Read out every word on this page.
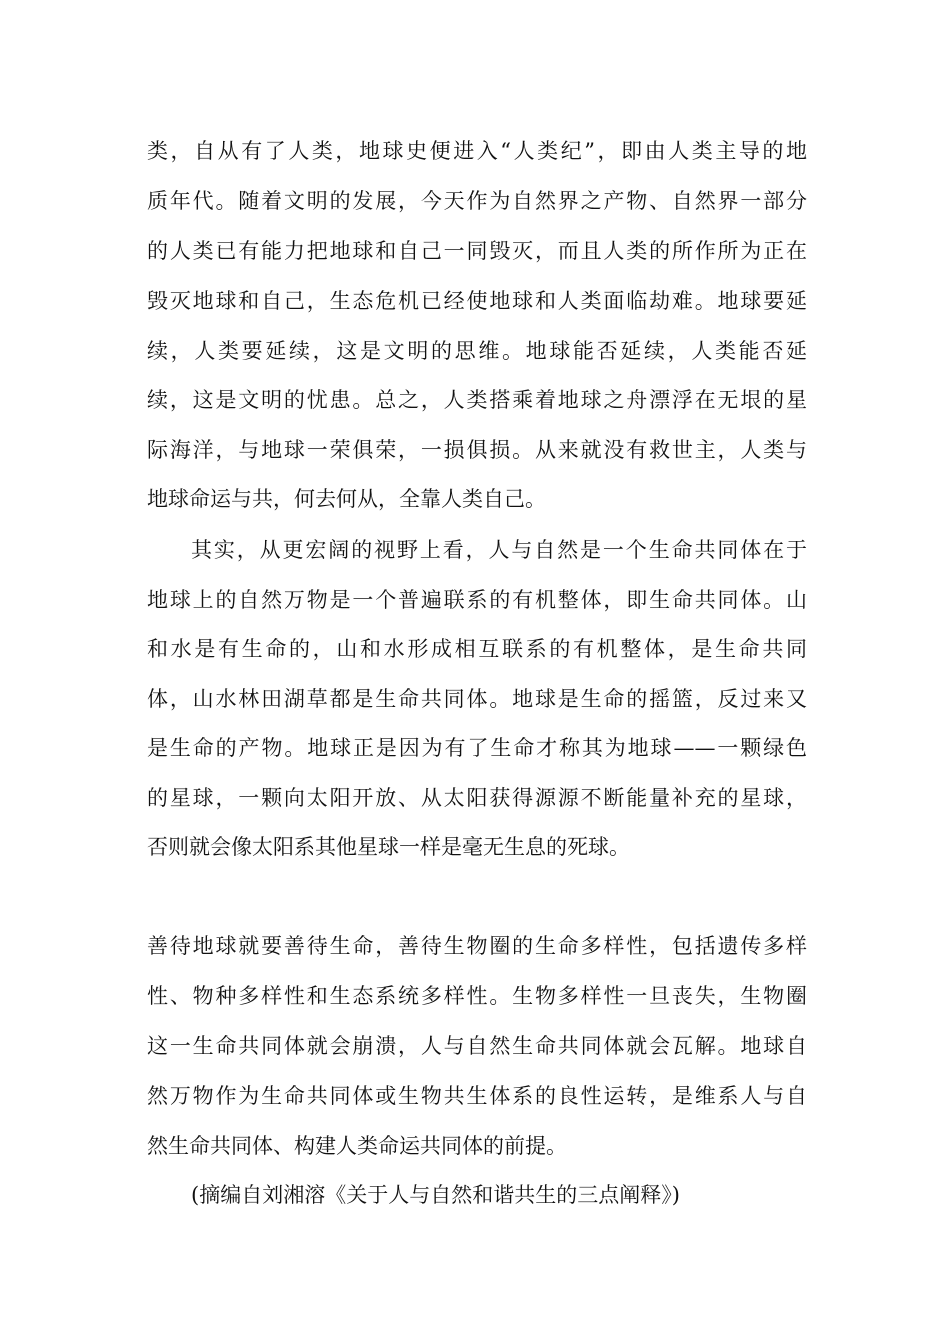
类，自从有了人类，地球史便进入“人类纪”，即由人类主导的地
质年代。随着文明的发展，今天作为自然界之产物、自然界一部分
的人类已有能力把地球和自己一同毁灭，而且人类的所作所为正在
毁灭地球和自己，生态危机已经使地球和人类面临劫难。地球要延
续，人类要延续，这是文明的思维。地球能否延续，人类能否延
续，这是文明的忧患。总之，人类搭乘着地球之舟漂浮在无垠的星
际海洋，与地球一荣俱荣，一损俱损。从来就没有救世主，人类与
地球命运与共，何去何从，全靠人类自己。
其实，从更宏阔的视野上看，人与自然是一个生命共同体在于
地球上的自然万物是一个普遍联系的有机整体，即生命共同体。山
和水是有生命的，山和水形成相互联系的有机整体，是生命共同
体，山水林田湖草都是生命共同体。地球是生命的摇篮，反过来又
是生命的产物。地球正是因为有了生命才称其为地球——一颗绿色
的星球，一颗向太阳开放、从太阳获得源源不断能量补充的星球，
否则就会像太阳系其他星球一样是毫无生息的死球。
善待地球就要善待生命，善待生物圈的生命多样性，包括遗传多样
性、物种多样性和生态系统多样性。生物多样性一旦丧失，生物圈
这一生命共同体就会崩溃，人与自然生命共同体就会瓦解。地球自
然万物作为生命共同体或生物共生体系的良性运转，是维系人与自
然生命共同体、构建人类命运共同体的前提。
(摘编自刘湘溶《关于人与自然和谐共生的三点阐释》)
